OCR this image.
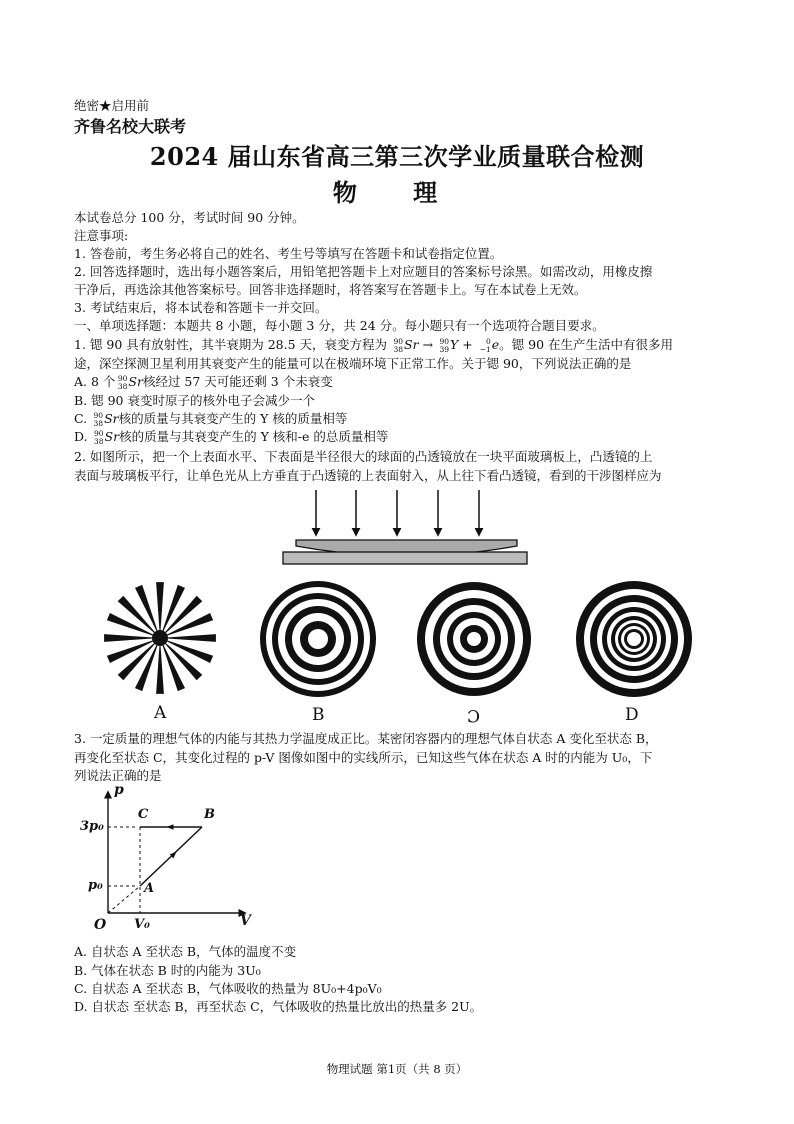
绝密★启用前
齐鲁名校大联考
2024 届山东省高三第三次学业质量联合检测
物 理
本试卷总分 100 分，考试时间 90 分钟。
注意事项:
1. 答卷前，考生务必将自己的姓名、考生号等填写在答题卡和试卷指定位置。
2. 回答选择题时，选出每小题答案后，用铅笔把答题卡上对应题目的答案标号涂黑。如需改动，用橡皮擦
干净后，再选涂其他答案标号。回答非选择题时，将答案写在答题卡上。写在本试卷上无效。
3. 考试结束后，将本试卷和答题卡一并交回。
一、单项选择题：本题共 8 小题，每小题 3 分，共 24 分。每小题只有一个选项符合题目要求。
1. 锶 90 具有放射性，其半衰期为 28.5 天，衰变方程为 90
38 Sr → 90
39 Y + 0
−1 e。锶 90 在生产生活中有很多用
途，深空探测卫星利用其衰变产生的能量可以在极端环境下正常工作。关于锶 90，下列说法正确的是
A. 8 个 90
38 Sr核经过 57 天可能还剩 3 个未衰变
B. 锶 90 衰变时原子的核外电子会减少一个
C. 90
38 Sr核的质量与其衰变产生的 Y 核的质量相等
D. 90
38 Sr核的质量与其衰变产生的 Y 核和-e 的总质量相等
2. 如图所示，把一个上表面水平、下表面是半径很大的球面的凸透镜放在一块平面玻璃板上，凸透镜的上
表面与玻璃板平行，让单色光从上方垂直于凸透镜的上表面射入，从上往下看凸透镜，看到的干涉图样应为
A	B	C	D
3. 一定质量的理想气体的内能与其热力学温度成正比。某密闭容器内的理想气体自状态 A 变化至状态 B，
再变化至状态 C，其变化过程的 p-V 图像如图中的实线所示，已知这些气体在状态 A 时的内能为 U₀，下
列说法正确的是
p
V
O
3p₀
p₀
V₀
A
B
C
A. 自状态 A 至状态 B，气体的温度不变
B. 气体在状态 B 时的内能为 3U₀
C. 自状态 A 至状态 B，气体吸收的热量为 8U₀+4p₀V₀
D. 自状态 至状态 B，再至状态 C，气体吸收的热量比放出的热量多 2U。
物理试题 第1页（共 8 页）
